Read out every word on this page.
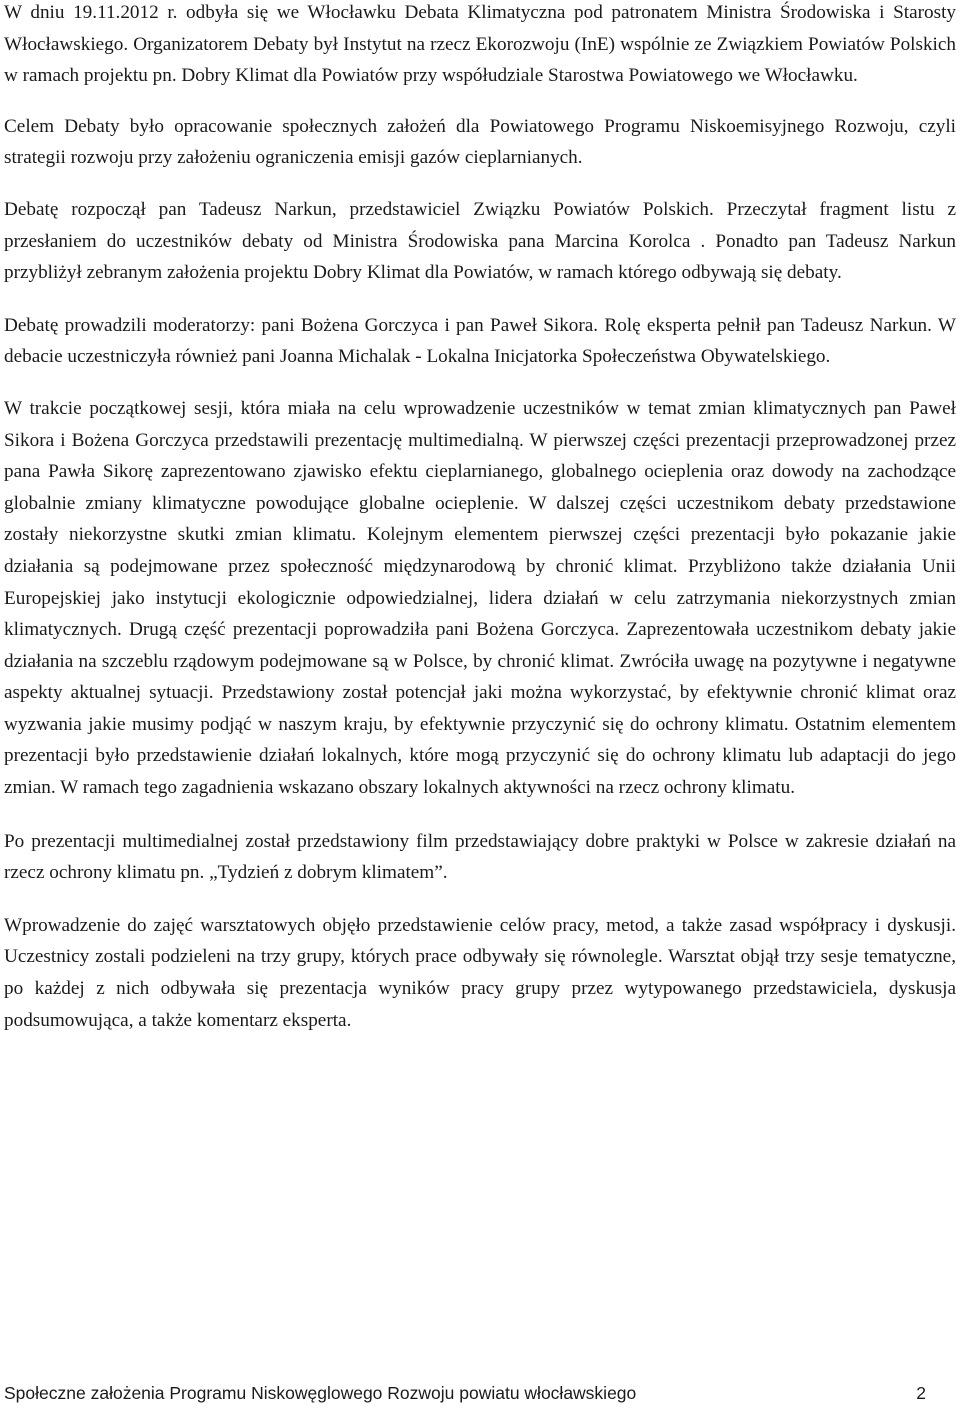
W dniu 19.11.2012 r. odbyła się we Włocławku Debata Klimatyczna pod patronatem Ministra Środowiska i Starosty Włocławskiego. Organizatorem Debaty był Instytut na rzecz Ekorozwoju (InE) wspólnie ze Związkiem Powiatów Polskich w ramach projektu pn. Dobry Klimat dla Powiatów przy współudziale Starostwa Powiatowego we Włocławku.

Celem Debaty było opracowanie społecznych założeń dla Powiatowego Programu Niskoemisyjnego Rozwoju, czyli strategii rozwoju przy założeniu ograniczenia emisji gazów cieplarnianych.

Debatę rozpoczął pan Tadeusz Narkun, przedstawiciel Związku Powiatów Polskich. Przeczytał fragment listu z przesłaniem do uczestników debaty od Ministra Środowiska pana Marcina Korolca . Ponadto pan Tadeusz Narkun przybliżył zebranym założenia projektu Dobry Klimat dla Powiatów, w ramach którego odbywają się debaty.

Debatę prowadzili moderatorzy: pani Bożena Gorczyca i pan Paweł Sikora. Rolę eksperta pełnił pan Tadeusz Narkun. W debacie uczestniczyła również pani Joanna Michalak - Lokalna Inicjatorka Społeczeństwa Obywatelskiego.

W trakcie początkowej sesji, która miała na celu wprowadzenie uczestników w temat zmian klimatycznych pan Paweł Sikora i Bożena Gorczyca przedstawili prezentację multimedialną. W pierwszej części prezentacji przeprowadzonej przez pana Pawła Sikorę zaprezentowano zjawisko efektu cieplarnianego, globalnego ocieplenia oraz dowody na zachodzące globalnie zmiany klimatyczne powodujące globalne ocieplenie. W dalszej części uczestnikom debaty przedstawione zostały niekorzystne skutki zmian klimatu. Kolejnym elementem pierwszej części prezentacji było pokazanie jakie działania są podejmowane przez społeczność międzynarodową by chronić klimat. Przybliżono także działania Unii Europejskiej jako instytucji ekologicznie odpowiedzialnej, lidera działań w celu zatrzymania niekorzystnych zmian klimatycznych. Drugą część prezentacji poprowadziła pani Bożena Gorczyca. Zaprezentowała uczestnikom debaty jakie działania na szczeblu rządowym podejmowane są w Polsce, by chronić klimat. Zwróciła uwagę na pozytywne i negatywne aspekty aktualnej sytuacji. Przedstawiony został potencjał jaki można wykorzystać, by efektywnie chronić klimat oraz wyzwania jakie musimy podjąć w naszym kraju, by efektywnie przyczynić się do ochrony klimatu. Ostatnim elementem prezentacji było przedstawienie działań lokalnych, które mogą przyczynić się do ochrony klimatu lub adaptacji do jego zmian. W ramach tego zagadnienia wskazano obszary lokalnych aktywności na rzecz ochrony klimatu.

Po prezentacji multimedialnej został przedstawiony film przedstawiający dobre praktyki w Polsce w zakresie działań na rzecz ochrony klimatu pn. „Tydzień z dobrym klimatem”.

Wprowadzenie do zajęć warsztatowych objęło przedstawienie celów pracy, metod, a także zasad współpracy i dyskusji. Uczestnicy zostali podzieleni na trzy grupy, których prace odbywały się równolegle. Warsztat objął trzy sesje tematyczne, po każdej z nich odbywała się prezentacja wyników pracy grupy przez wytypowanego przedstawiciela, dyskusja podsumowująca, a także komentarz eksperta.

Społeczne założenia Programu Niskowęglowego Rozwoju powiatu włocławskiego	2
